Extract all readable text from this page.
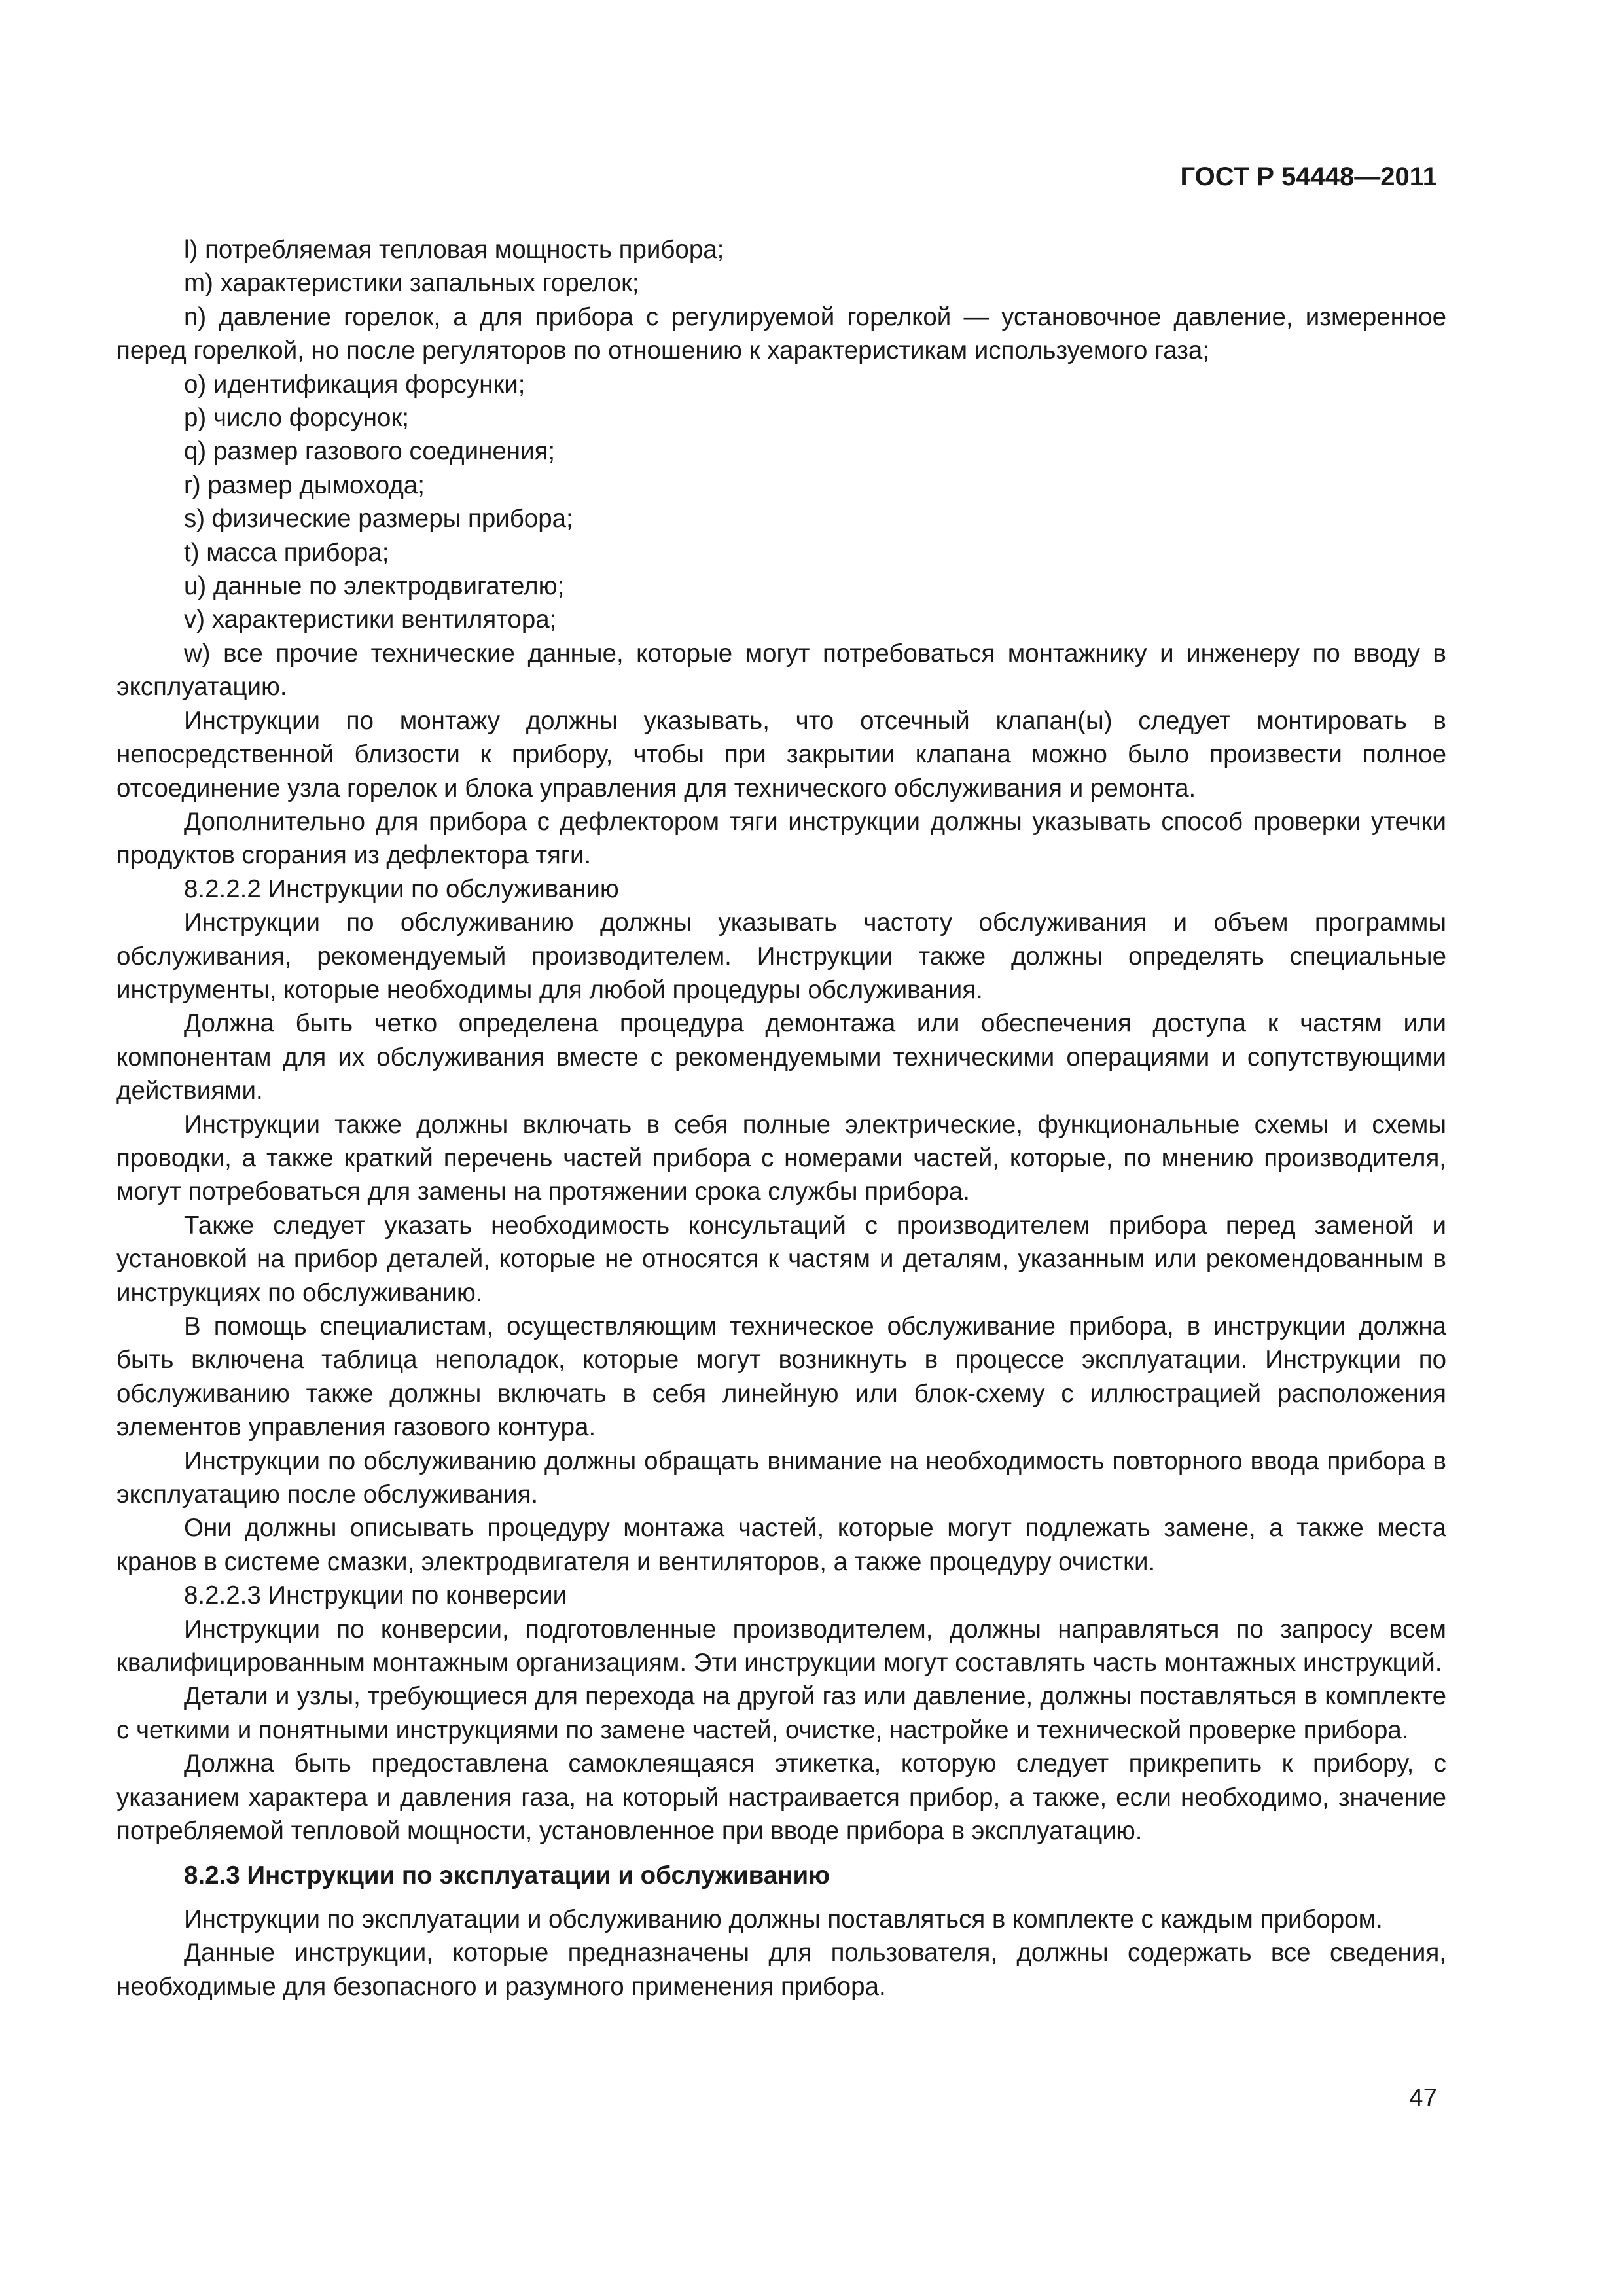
ГОСТ Р 54448—2011

l) потребляемая тепловая мощность прибора;

m) характеристики запальных горелок;

n) давление горелок, а для прибора с регулируемой горелкой — установочное давление, измеренное перед горелкой, но после регуляторов по отношению к характеристикам используемого газа;

o) идентификация форсунки;

p) число форсунок;

q) размер газового соединения;

r) размер дымохода;

s) физические размеры прибора;

t) масса прибора;

u) данные по электродвигателю;

v) характеристики вентилятора;

w) все прочие технические данные, которые могут потребоваться монтажнику и инженеру по вводу в эксплуатацию.

Инструкции по монтажу должны указывать, что отсечный клапан(ы) следует монтировать в непосредственной близости к прибору, чтобы при закрытии клапана можно было произвести полное отсоединение узла горелок и блока управления для технического обслуживания и ремонта.

Дополнительно для прибора с дефлектором тяги инструкции должны указывать способ проверки утечки продуктов сгорания из дефлектора тяги.

8.2.2.2 Инструкции по обслуживанию

Инструкции по обслуживанию должны указывать частоту обслуживания и объем программы обслуживания, рекомендуемый производителем. Инструкции также должны определять специальные инструменты, которые необходимы для любой процедуры обслуживания.

Должна быть четко определена процедура демонтажа или обеспечения доступа к частям или компонентам для их обслуживания вместе с рекомендуемыми техническими операциями и сопутствующими действиями.

Инструкции также должны включать в себя полные электрические, функциональные схемы и схемы проводки, а также краткий перечень частей прибора с номерами частей, которые, по мнению производителя, могут потребоваться для замены на протяжении срока службы прибора.

Также следует указать необходимость консультаций с производителем прибора перед заменой и установкой на прибор деталей, которые не относятся к частям и деталям, указанным или рекомендованным в инструкциях по обслуживанию.

В помощь специалистам, осуществляющим техническое обслуживание прибора, в инструкции должна быть включена таблица неполадок, которые могут возникнуть в процессе эксплуатации. Инструкции по обслуживанию также должны включать в себя линейную или блок-схему с иллюстрацией расположения элементов управления газового контура.

Инструкции по обслуживанию должны обращать внимание на необходимость повторного ввода прибора в эксплуатацию после обслуживания.

Они должны описывать процедуру монтажа частей, которые могут подлежать замене, а также места кранов в системе смазки, электродвигателя и вентиляторов, а также процедуру очистки.

8.2.2.3 Инструкции по конверсии

Инструкции по конверсии, подготовленные производителем, должны направляться по запросу всем квалифицированным монтажным организациям. Эти инструкции могут составлять часть монтажных инструкций.

Детали и узлы, требующиеся для перехода на другой газ или давление, должны поставляться в комплекте с четкими и понятными инструкциями по замене частей, очистке, настройке и технической проверке прибора.

Должна быть предоставлена самоклеящаяся этикетка, которую следует прикрепить к прибору, с указанием характера и давления газа, на который настраивается прибор, а также, если необходимо, значение потребляемой тепловой мощности, установленное при вводе прибора в эксплуатацию.

8.2.3 Инструкции по эксплуатации и обслуживанию

Инструкции по эксплуатации и обслуживанию должны поставляться в комплекте с каждым прибором.

Данные инструкции, которые предназначены для пользователя, должны содержать все сведения, необходимые для безопасного и разумного применения прибора.

47
